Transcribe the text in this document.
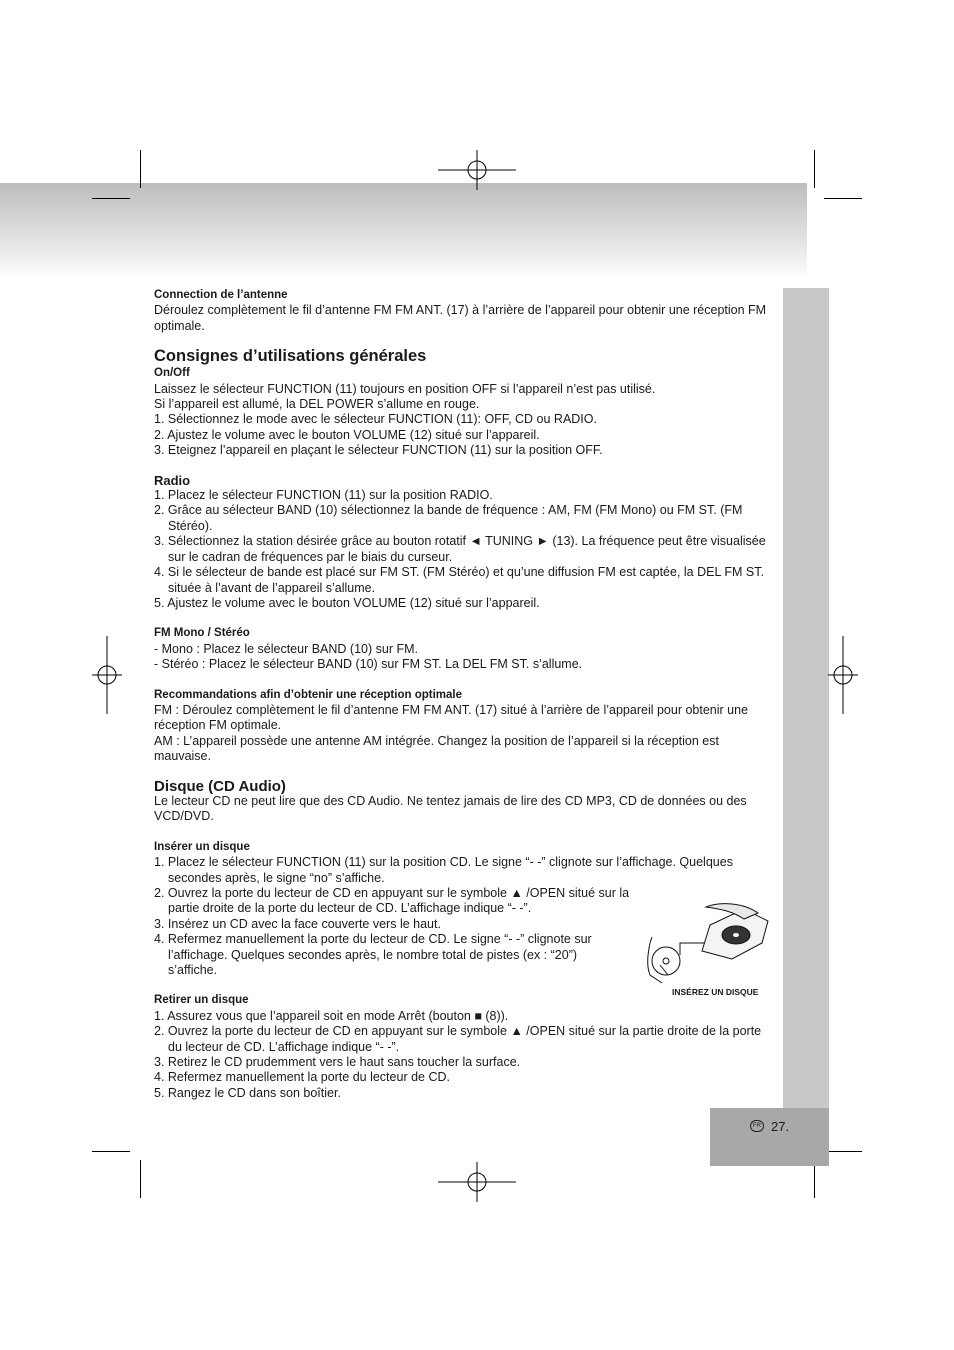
Connection de l’antenne

Déroulez complètement le fil d’antenne FM FM ANT. (17) à l’arrière de l’appareil pour obtenir une réception FM optimale.

Consignes d’utilisations générales

On/Off

Laissez le sélecteur FUNCTION (11) toujours en position OFF si l’appareil n’est pas utilisé.

Si l’appareil est allumé, la DEL POWER s’allume en rouge.

1. Sélectionnez le mode avec le sélecteur FUNCTION (11): OFF, CD ou RADIO.

2. Ajustez le volume avec le bouton VOLUME (12) situé sur l’appareil.

3. Eteignez l’appareil en plaçant le sélecteur FUNCTION (11) sur la position OFF.

Radio

1. Placez le sélecteur FUNCTION (11) sur la position RADIO.

2. Grâce au sélecteur BAND (10) sélectionnez la bande de fréquence : AM, FM (FM Mono) ou FM ST. (FM Stéréo).

3. Sélectionnez la station désirée grâce au bouton rotatif ◄ TUNING ► (13). La fréquence peut être visualisée sur le cadran de fréquences par le biais du curseur.

4. Si le sélecteur de bande est placé sur FM ST. (FM Stéréo) et qu’une diffusion FM est captée, la DEL FM ST. située à l’avant de l’appareil s’allume.

5. Ajustez le volume avec le bouton VOLUME (12) situé sur l’appareil.

FM Mono / Stéréo

- Mono : Placez le sélecteur BAND (10) sur FM.

- Stéréo : Placez le sélecteur BAND (10) sur FM ST. La DEL FM ST. s’allume.

Recommandations afin d’obtenir une réception optimale

FM : Déroulez complètement le fil d’antenne FM FM ANT. (17) situé à l’arrière de l’appareil pour obtenir une réception FM optimale.

AM : L’appareil possède une antenne AM intégrée. Changez la position de l’appareil si la réception est mauvaise.

Disque (CD Audio)

Le lecteur CD ne peut lire que des CD Audio. Ne tentez jamais de lire des CD MP3, CD de données ou des VCD/DVD.

Insérer un disque

1. Placez le sélecteur FUNCTION (11) sur la position CD. Le signe “- -” clignote sur l’affichage. Quelques secondes après, le signe “no” s’affiche.

2. Ouvrez la porte du lecteur de CD en appuyant sur le symbole ▲ /OPEN situé sur la partie droite de la porte du lecteur de CD. L’affichage indique “- -”.

3. Insérez un CD avec la face couverte vers le haut.

4. Refermez manuellement la porte du lecteur de CD. Le signe “- -” clignote sur l’affichage. Quelques secondes après, le nombre total de pistes (ex : “20”) s’affiche.

Retirer un disque

1. Assurez vous que l’appareil soit en mode Arrêt (bouton ■ (8)).

2. Ouvrez la porte du lecteur de CD en appuyant sur le symbole ▲ /OPEN situé sur la partie droite de la porte du lecteur de CD. L’affichage indique “- -”.

3. Retirez le CD prudemment vers le haut sans toucher la surface.

4. Refermez manuellement la porte du lecteur de CD.

5. Rangez le CD dans son boîtier.

INSÉREZ UN DISQUE
FR 27.
